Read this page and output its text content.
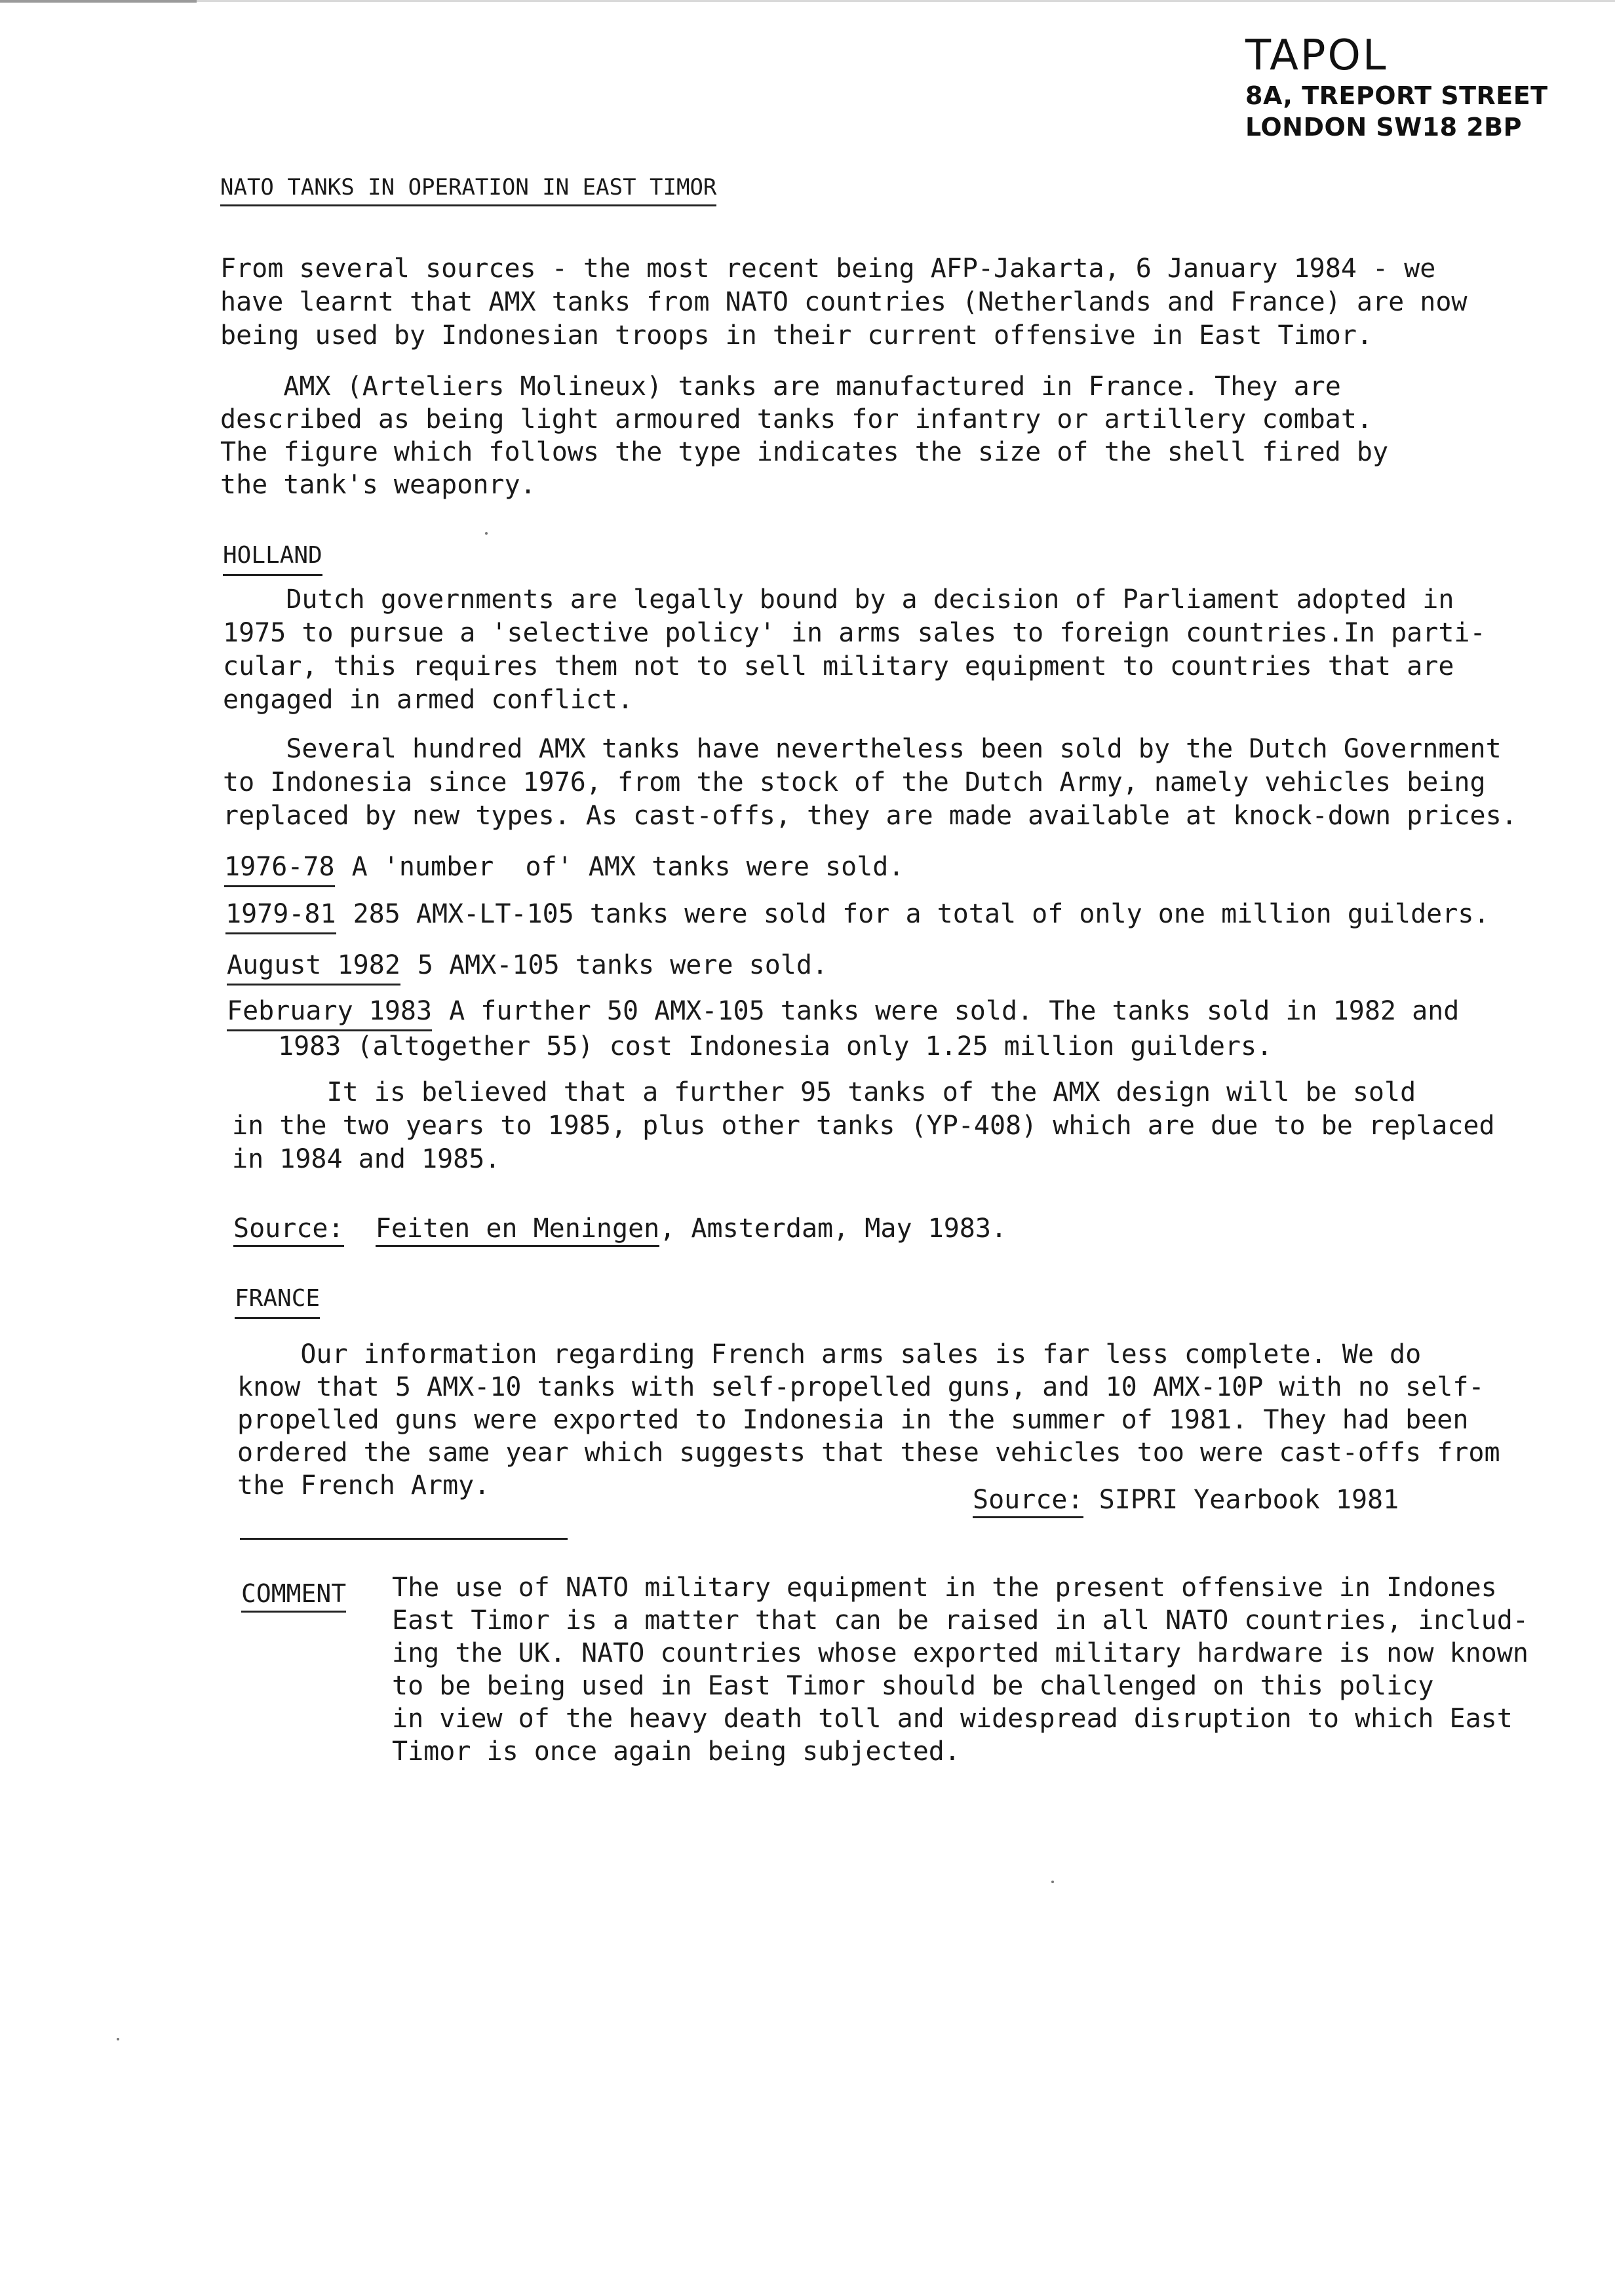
TAPOL
8A, TREPORT STREET
LONDON SW18 2BP
NATO TANKS IN OPERATION IN EAST TIMOR
From several sources - the most recent being AFP-Jakarta, 6 January 1984 - we
have learnt that AMX tanks from NATO countries (Netherlands and France) are now
being used by Indonesian troops in their current offensive in East Timor.
AMX (Arteliers Molineux) tanks are manufactured in France. They are
described as being light armoured tanks for infantry or artillery combat.
The figure which follows the type indicates the size of the shell fired by
the tank's weaponry.
HOLLAND
Dutch governments are legally bound by a decision of Parliament adopted in
1975 to pursue a 'selective policy' in arms sales to foreign countries.In parti-
cular, this requires them not to sell military equipment to countries that are
engaged in armed conflict.
Several hundred AMX tanks have nevertheless been sold by the Dutch Government
to Indonesia since 1976, from the stock of the Dutch Army, namely vehicles being
replaced by new types. As cast-offs, they are made available at knock-down prices.
1976-78 A 'number  of' AMX tanks were sold.
1979-81 285 AMX-LT-105 tanks were sold for a total of only one million guilders.
August 1982 5 AMX-105 tanks were sold.
February 1983 A further 50 AMX-105 tanks were sold. The tanks sold in 1982 and
1983 (altogether 55) cost Indonesia only 1.25 million guilders.
It is believed that a further 95 tanks of the AMX design will be sold
in the two years to 1985, plus other tanks (YP-408) which are due to be replaced
in 1984 and 1985.
Source: Feiten en Meningen, Amsterdam, May 1983.
FRANCE
Our information regarding French arms sales is far less complete. We do
know that 5 AMX-10 tanks with self-propelled guns, and 10 AMX-10P with no self-
propelled guns were exported to Indonesia in the summer of 1981. They had been
ordered the same year which suggests that these vehicles too were cast-offs from
the French Army.	Source: SIPRI Yearbook 1981
COMMENT The use of NATO military equipment in the present offensive in Indones
East Timor is a matter that can be raised in all NATO countries, includ-
ing the UK. NATO countries whose exported military hardware is now known
to be being used in East Timor should be challenged on this policy
in view of the heavy death toll and widespread disruption to which East
Timor is once again being subjected.
